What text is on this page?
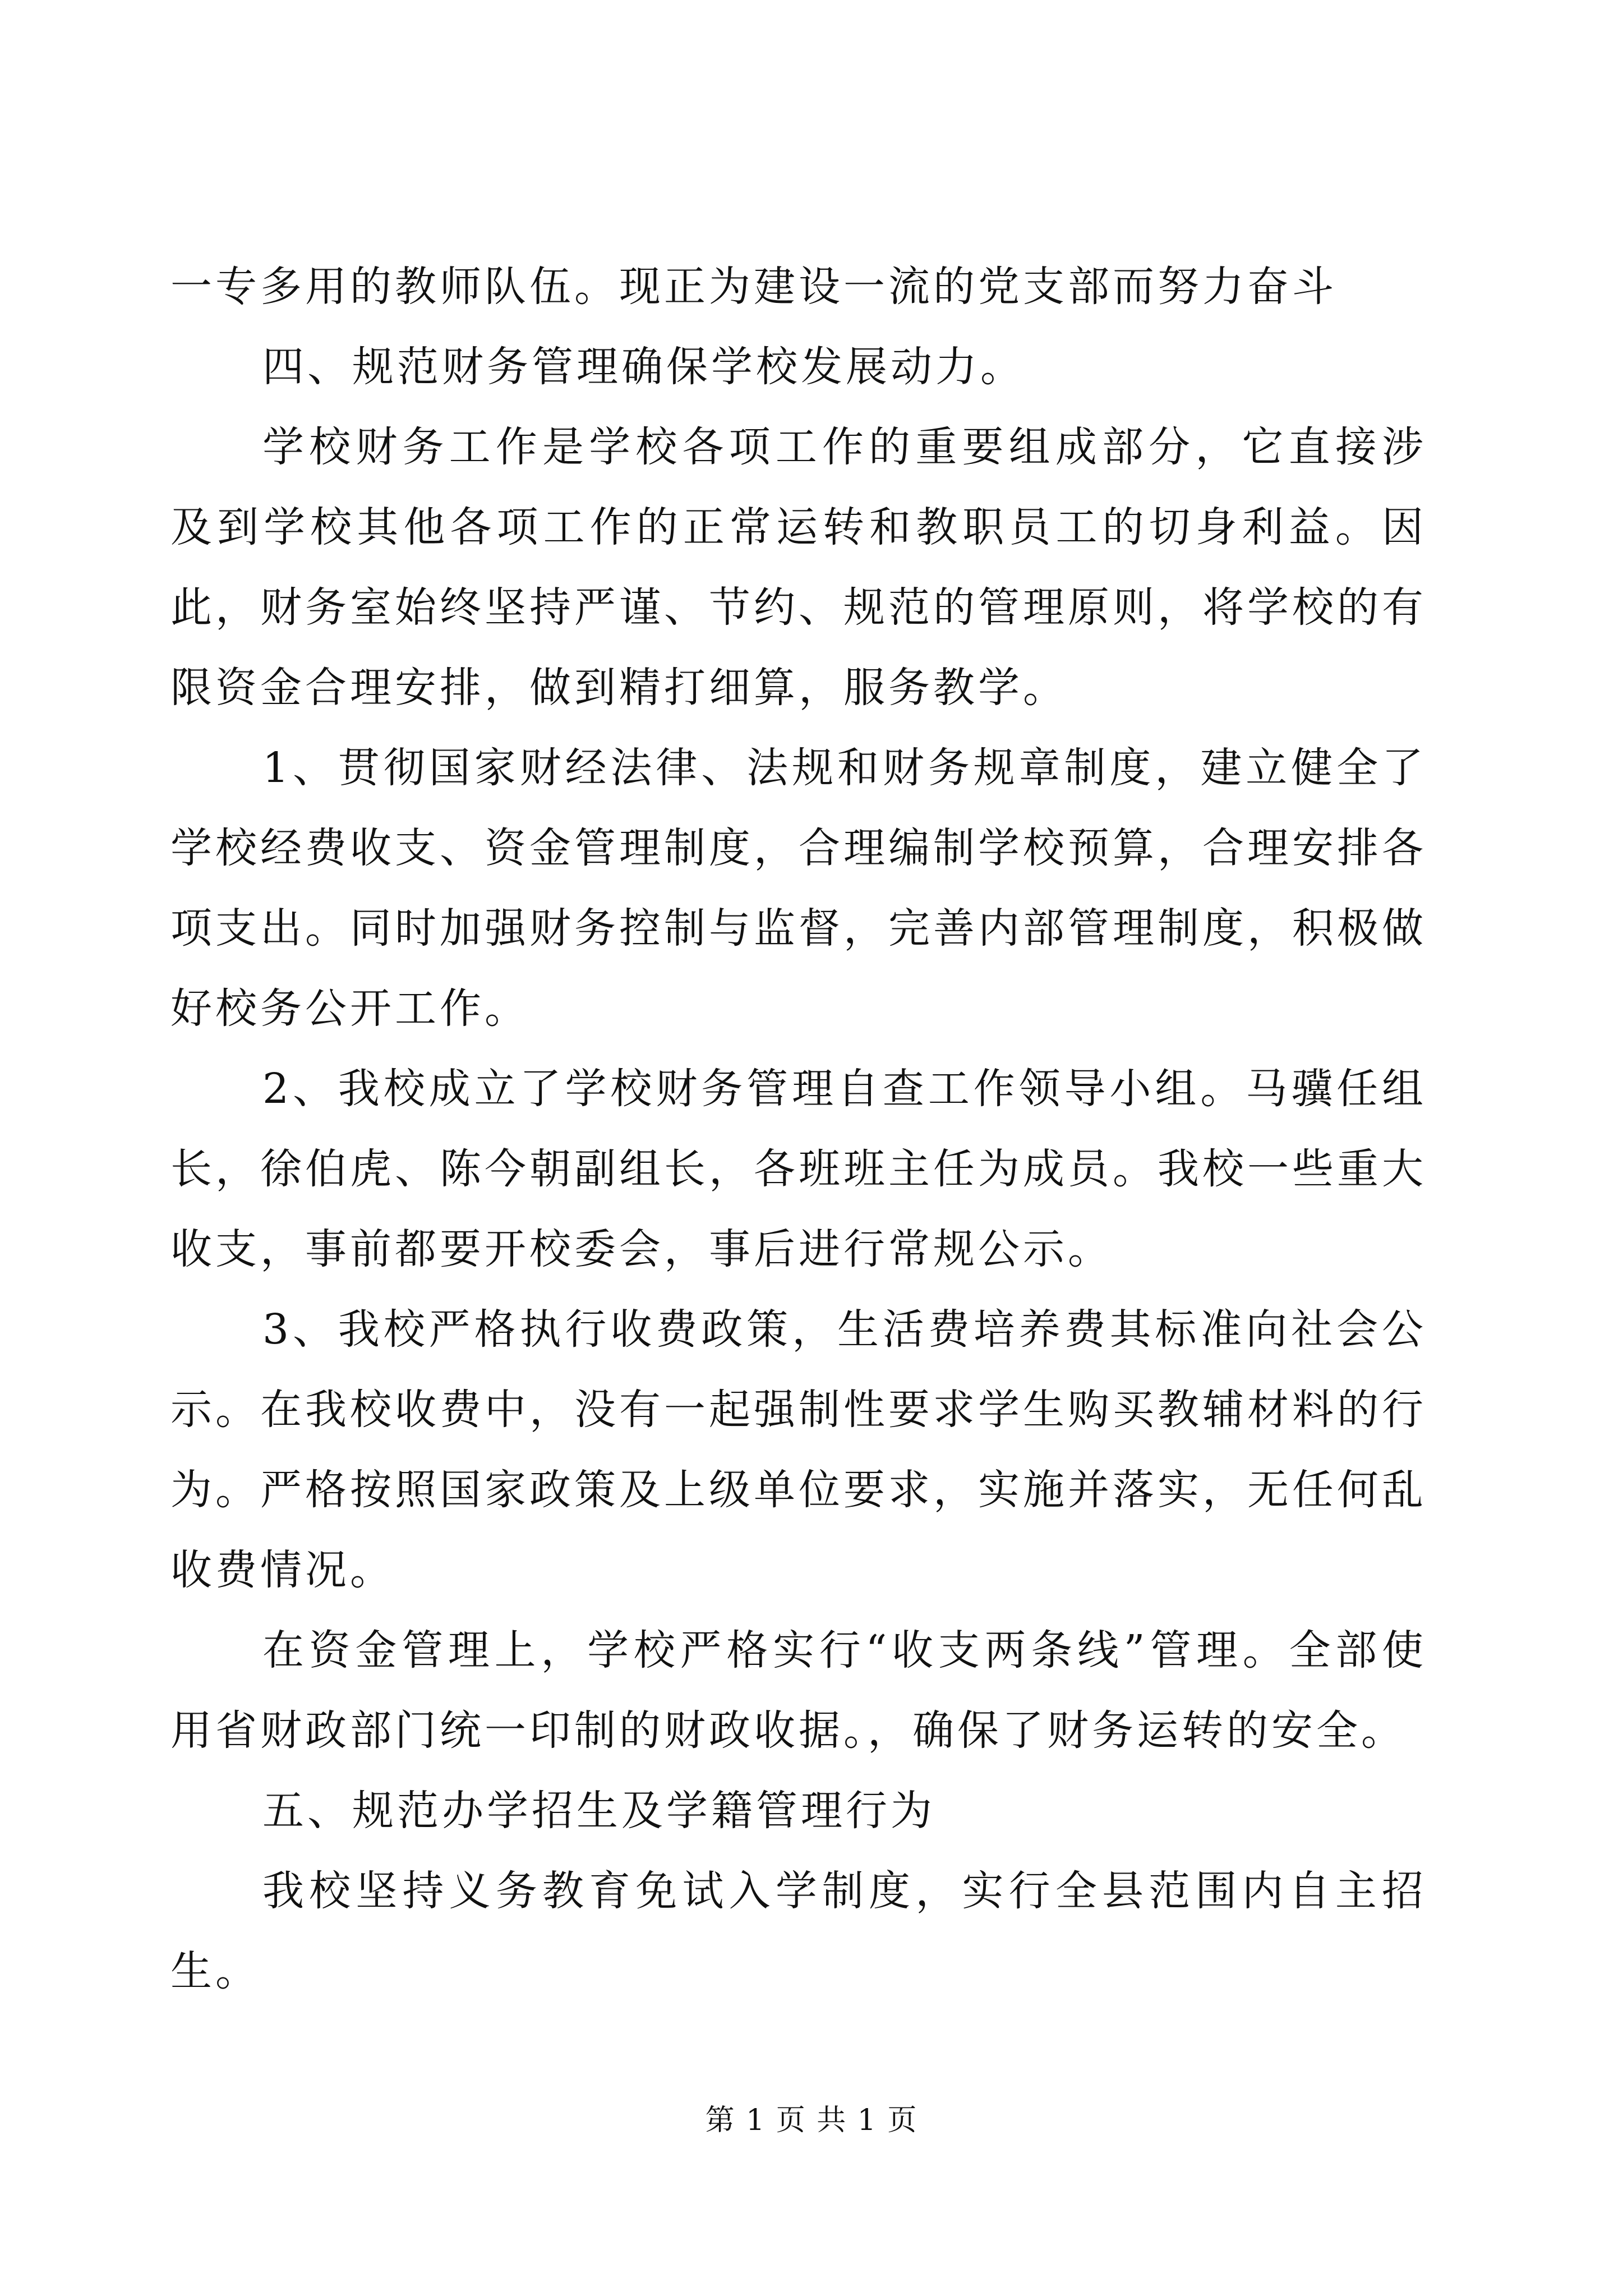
一专多用的教师队伍。现正为建设一流的党支部而努力奋斗

四、规范财务管理确保学校发展动力。

学校财务工作是学校各项工作的重要组成部分，它直接涉及到学校其他各项工作的正常运转和教职员工的切身利益。因此，财务室始终坚持严谨、节约、规范的管理原则，将学校的有限资金合理安排，做到精打细算，服务教学。

1、贯彻国家财经法律、法规和财务规章制度，建立健全了学校经费收支、资金管理制度，合理编制学校预算，合理安排各项支出。同时加强财务控制与监督，完善内部管理制度，积极做好校务公开工作。

2、我校成立了学校财务管理自查工作领导小组。马骥任组长，徐伯虎、陈今朝副组长，各班班主任为成员。我校一些重大收支，事前都要开校委会，事后进行常规公示。

3、我校严格执行收费政策，生活费培养费其标准向社会公示。在我校收费中，没有一起强制性要求学生购买教辅材料的行为。严格按照国家政策及上级单位要求，实施并落实，无任何乱收费情况。

在资金管理上，学校严格实行“收支两条线”管理。全部使用省财政部门统一印制的财政收据。，确保了财务运转的安全。

五、规范办学招生及学籍管理行为

我校坚持义务教育免试入学制度，实行全县范围内自主招生。

第 1 页 共 1 页
